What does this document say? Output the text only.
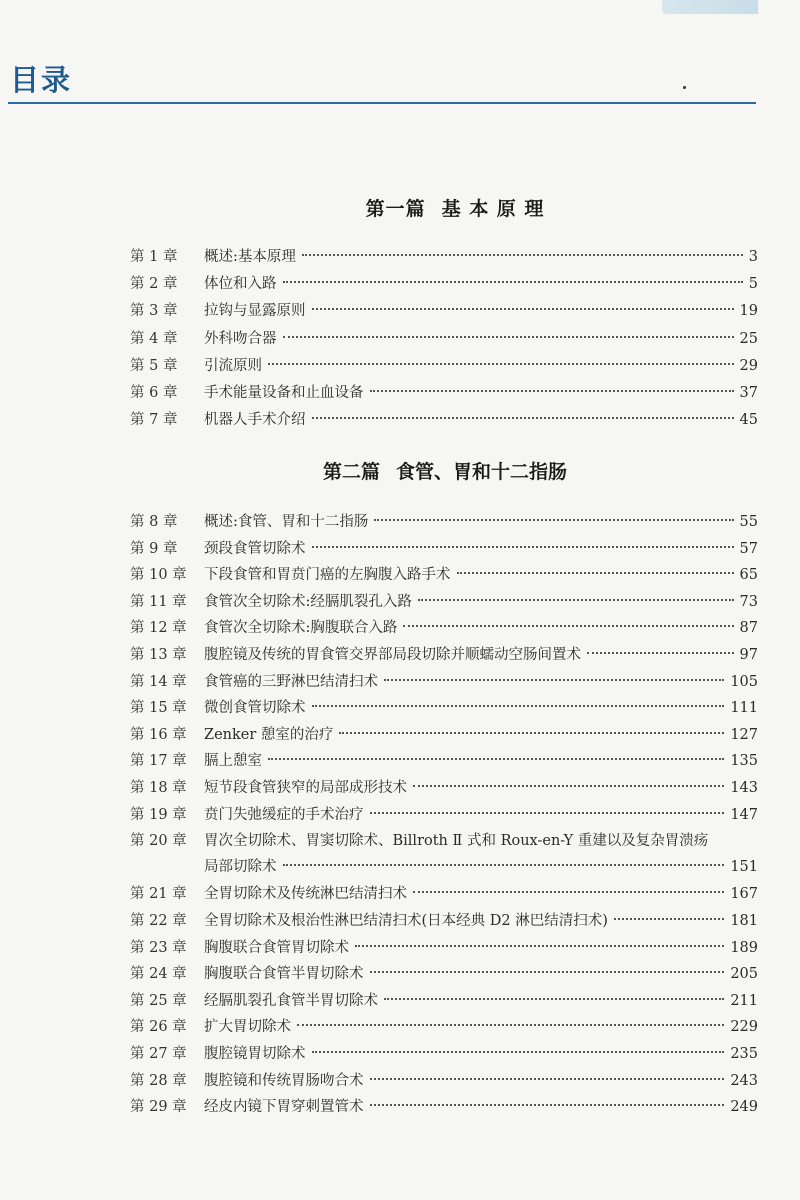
目录
第一篇 基 本 原 理
第 1 章 概述:基本原理	3
第 2 章 体位和入路	5
第 3 章 拉钩与显露原则	19
第 4 章 外科吻合器	25
第 5 章 引流原则	29
第 6 章 手术能量设备和止血设备	37
第 7 章 机器人手术介绍	45
第二篇 食管、胃和十二指肠
第 8 章 概述:食管、胃和十二指肠	55
第 9 章 颈段食管切除术	57
第 10 章 下段食管和胃贲门癌的左胸腹入路手术	65
第 11 章 食管次全切除术:经膈肌裂孔入路	73
第 12 章 食管次全切除术:胸腹联合入路	87
第 13 章 腹腔镜及传统的胃食管交界部局段切除并顺蠕动空肠间置术	97
第 14 章 食管癌的三野淋巴结清扫术	105
第 15 章 微创食管切除术	111
第 16 章 Zenker 憩室的治疗	127
第 17 章 膈上憩室	135
第 18 章 短节段食管狭窄的局部成形技术	143
第 19 章 贲门失弛缓症的手术治疗	147
第 20 章 胃次全切除术、胃窦切除术、Billroth Ⅱ 式和 Roux-en-Y 重建以及复杂胃溃疡
局部切除术	151
第 21 章 全胃切除术及传统淋巴结清扫术	167
第 22 章 全胃切除术及根治性淋巴结清扫术(日本经典 D2 淋巴结清扫术)	181
第 23 章 胸腹联合食管胃切除术	189
第 24 章 胸腹联合食管半胃切除术	205
第 25 章 经膈肌裂孔食管半胃切除术	211
第 26 章 扩大胃切除术	229
第 27 章 腹腔镜胃切除术	235
第 28 章 腹腔镜和传统胃肠吻合术	243
第 29 章 经皮内镜下胃穿刺置管术	249
